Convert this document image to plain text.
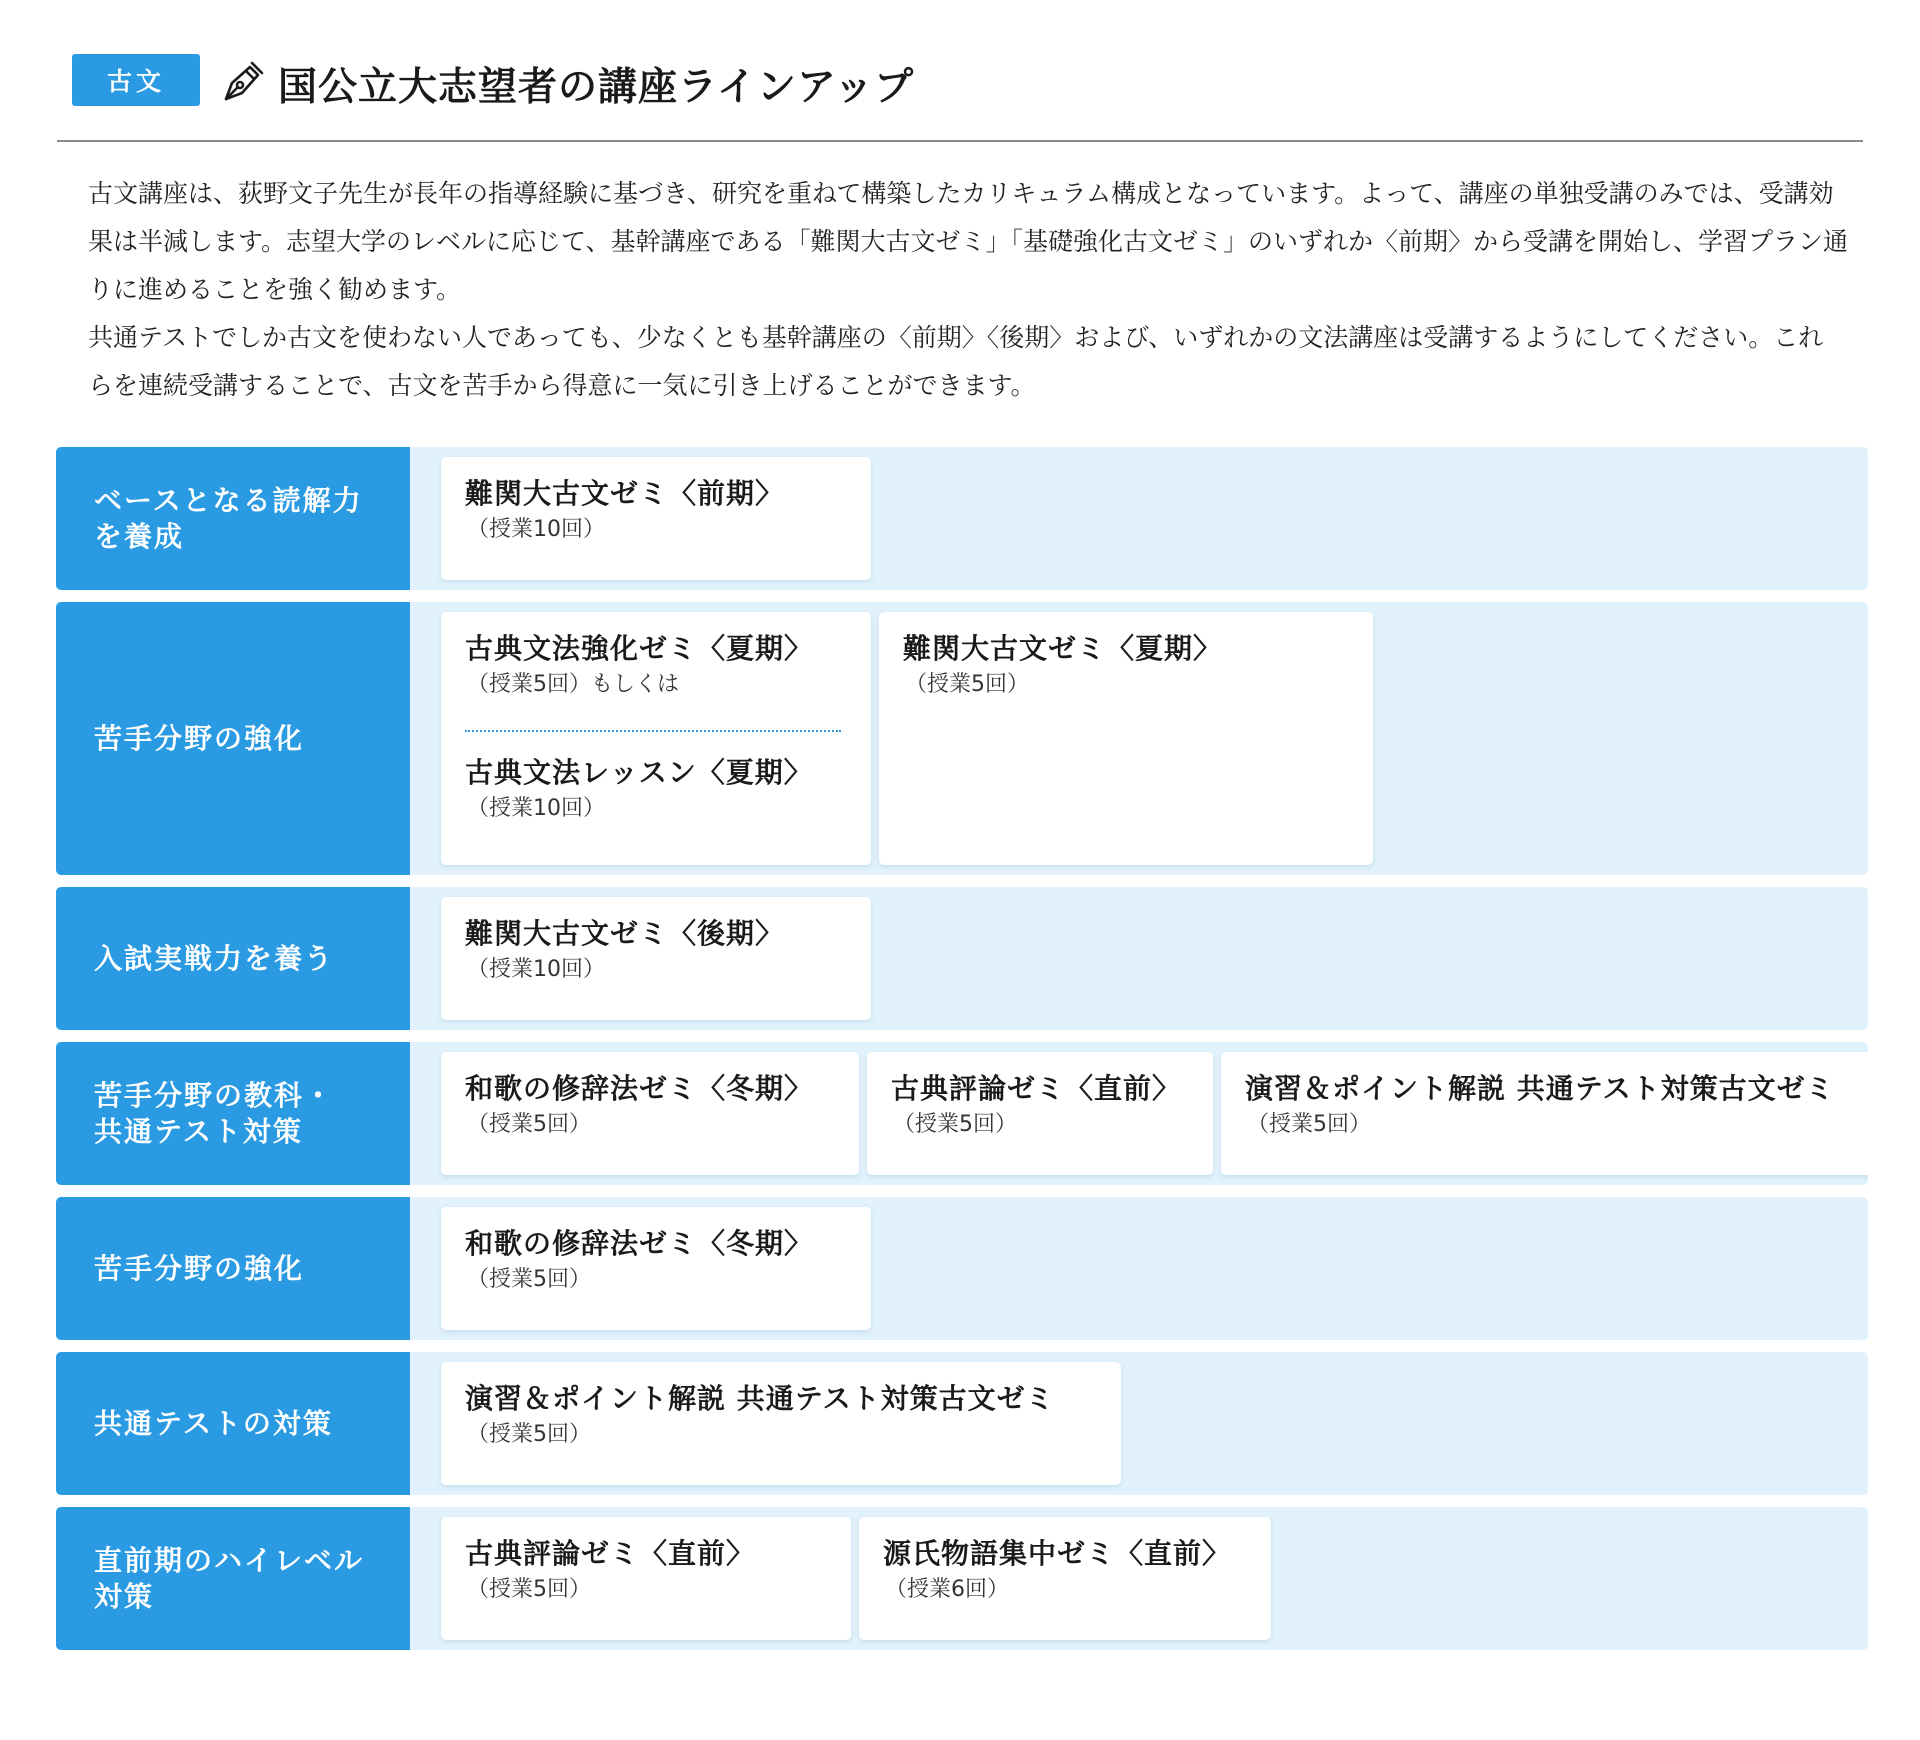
古文	国公立大志望者の講座ラインアップ

古文講座は、荻野文子先生が長年の指導経験に基づき、研究を重ねて構築したカリキュラム構成となっています。よって、講座の単独受講のみでは、受講効果は半減します。志望大学のレベルに応じて、基幹講座である「難関大古文ゼミ」「基礎強化古文ゼミ」のいずれか〈前期〉から受講を開始し、学習プラン通りに進めることを強く勧めます。

共通テストでしか古文を使わない人であっても、少なくとも基幹講座の〈前期〉〈後期〉および、いずれかの文法講座は受講するようにしてください。これらを連続受講することで、古文を苦手から得意に一気に引き上げることができます。

ベースとなる読解力
を養成
難関大古文ゼミ〈前期〉
（授業10回）
苦手分野の強化
古典文法強化ゼミ〈夏期〉
（授業5回）もしくは
古典文法レッスン〈夏期〉
（授業10回）
難関大古文ゼミ〈夏期〉
（授業5回）
入試実戦力を養う
難関大古文ゼミ〈後期〉
（授業10回）
苦手分野の教科・
共通テスト対策
和歌の修辞法ゼミ〈冬期〉
（授業5回）
古典評論ゼミ〈直前〉
（授業5回）
演習＆ポイント解説 共通テスト対策古文ゼミ
（授業5回）
苦手分野の強化
和歌の修辞法ゼミ〈冬期〉
（授業5回）
共通テストの対策
演習＆ポイント解説 共通テスト対策古文ゼミ
（授業5回）
直前期のハイレベル
対策
古典評論ゼミ〈直前〉
（授業5回）
源氏物語集中ゼミ〈直前〉
（授業6回）
